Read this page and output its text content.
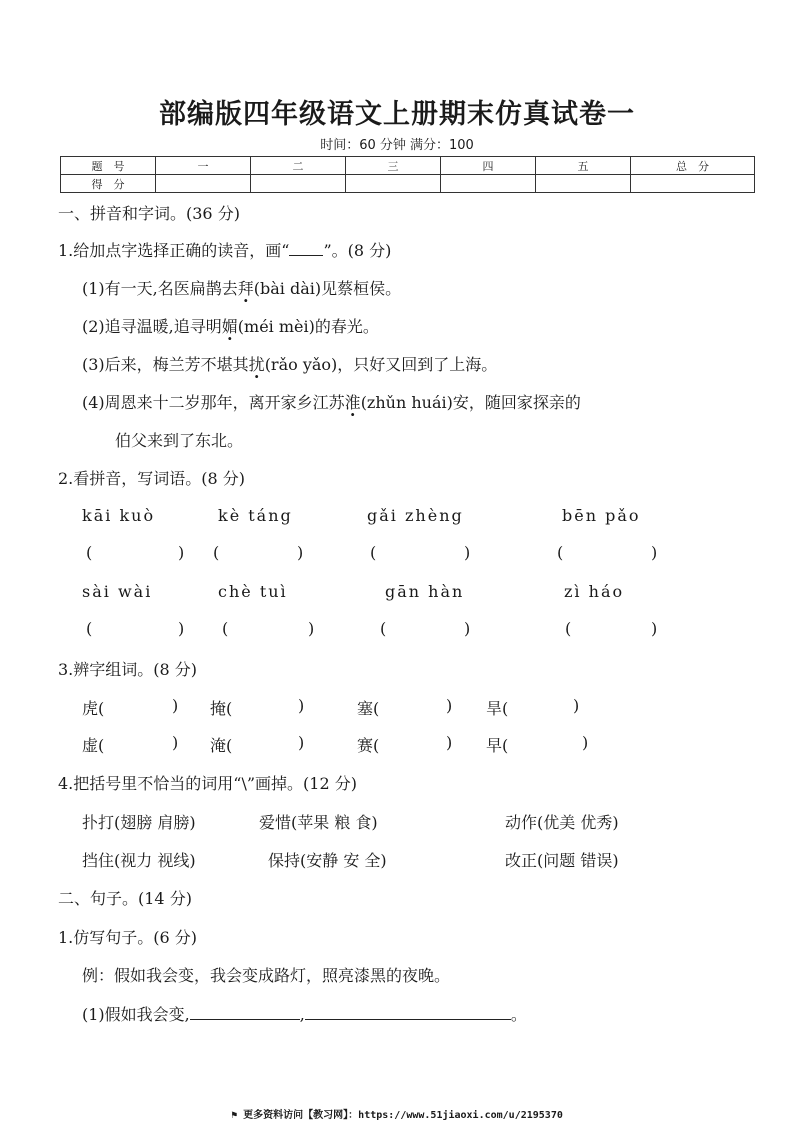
部编版四年级语文上册期末仿真试卷一
时间：60 分钟 满分：100
题　号	一	二	三	四	五	总　分
得　分						
一、拼音和字词。(36 分)
1.给加点字选择正确的读音，画“ ”。(8 分)
(1)有一天,名医扁鹊去拜(bài dài)见蔡桓侯。
(2)追寻温暖,追寻明媚(méi mèi)的春光。
(3)后来，梅兰芳不堪其扰(rǎo yǎo)，只好又回到了上海。
(4)周恩来十二岁那年，离开家乡江苏淮(zhǔn huái)安，随回家探亲的
伯父来到了东北。
2.看拼音，写词语。(8 分)
kāi kuò	kè táng	gǎi zhèng	bēn pǎo
(	) (	)	(	)	(	)
sài wài	chè tuì	gān hàn	zì háo
(	) (	)	(	)	(	)
3.辨字组词。(8 分)
虎(	) 掩(	)	塞(	) 旱(	)
虚(	) 淹(	)	赛(	) 早(	)
4.把括号里不恰当的词用“\”画掉。(12 分)
扑打(翅膀 肩膀)	爱惜(苹果 粮 食)	动作(优美 优秀)
挡住(视力 视线)	保持(安静 安 全)	改正(问题 错误)
二、句子。(14 分)
1.仿写句子。(6 分)
例：假如我会变，我会变成路灯，照亮漆黑的夜晚。
(1)假如我会变,	,	。
⚑ 更多资料访问【教习网】：https://www.51jiaoxi.com/u/2195370
